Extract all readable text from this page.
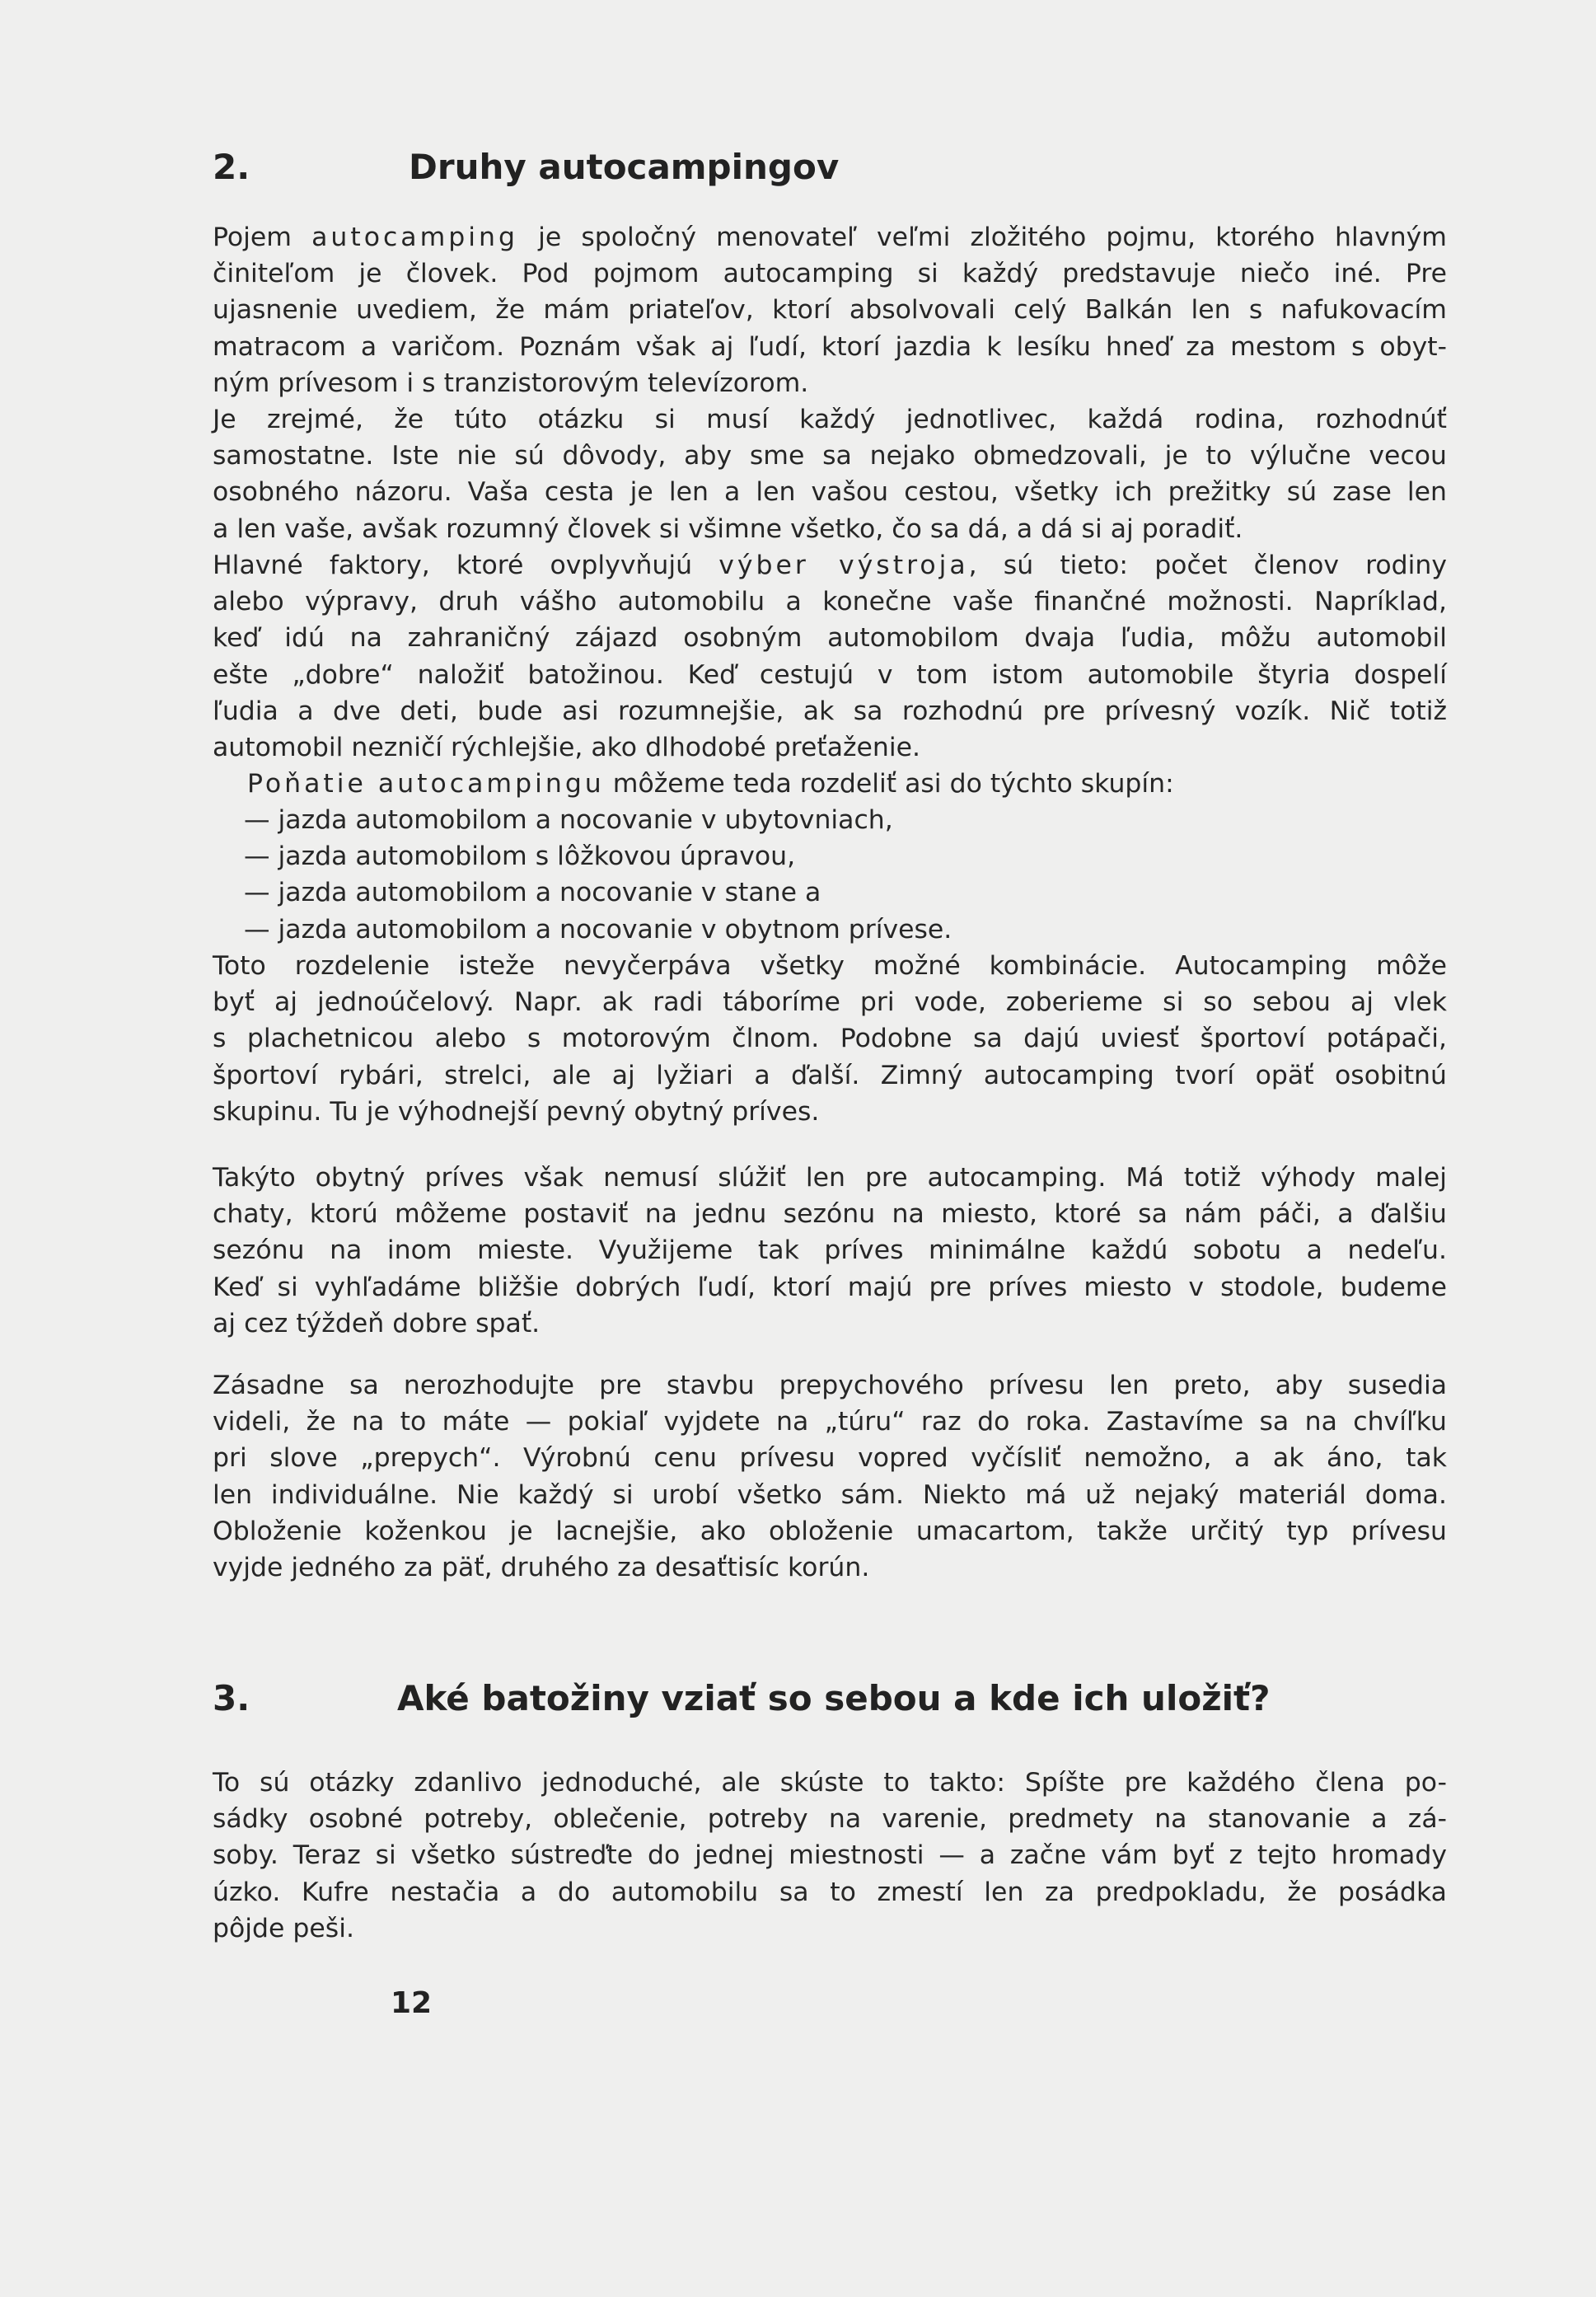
2.	Druhy autocampingov

Pojem autocamping je spoločný menovateľ veľmi zložitého pojmu, ktorého hlavným
činiteľom je človek. Pod pojmom autocamping si každý predstavuje niečo iné. Pre
ujasnenie uvediem, že mám priateľov, ktorí absolvovali celý Balkán len s nafukovacím
matracom a varičom. Poznám však aj ľudí, ktorí jazdia k lesíku hneď za mestom s obyt-
ným prívesom i s tranzistorovým televízorom.

Je zrejmé, že túto otázku si musí každý jednotlivec, každá rodina, rozhodnúť
samostatne. Iste nie sú dôvody, aby sme sa nejako obmedzovali, je to výlučne vecou
osobného názoru. Vaša cesta je len a len vašou cestou, všetky ich prežitky sú zase len
a len vaše, avšak rozumný človek si všimne všetko, čo sa dá, a dá si aj poradiť.

Hlavné faktory, ktoré ovplyvňujú výber výstroja, sú tieto: počet členov rodiny
alebo výpravy, druh vášho automobilu a konečne vaše finančné možnosti. Napríklad,
keď idú na zahraničný zájazd osobným automobilom dvaja ľudia, môžu automobil
ešte „dobre“ naložiť batožinou. Keď cestujú v tom istom automobile štyria dospelí
ľudia a dve deti, bude asi rozumnejšie, ak sa rozhodnú pre prívesný vozík. Nič totiž
automobil nezničí rýchlejšie, ako dlhodobé preťaženie.

Poňatie autocampingu môžeme teda rozdeliť asi do týchto skupín:

— jazda automobilom a nocovanie v ubytovniach,
— jazda automobilom s lôžkovou úpravou,
— jazda automobilom a nocovanie v stane a
— jazda automobilom a nocovanie v obytnom prívese.

Toto rozdelenie isteže nevyčerpáva všetky možné kombinácie. Autocamping môže
byť aj jednoúčelový. Napr. ak radi táboríme pri vode, zoberieme si so sebou aj vlek
s plachetnicou alebo s motorovým člnom. Podobne sa dajú uviesť športoví potápači,
športoví rybári, strelci, ale aj lyžiari a ďalší. Zimný autocamping tvorí opäť osobitnú
skupinu. Tu je výhodnejší pevný obytný príves.

Takýto obytný príves však nemusí slúžiť len pre autocamping. Má totiž výhody malej
chaty, ktorú môžeme postaviť na jednu sezónu na miesto, ktoré sa nám páči, a ďalšiu
sezónu na inom mieste. Využijeme tak príves minimálne každú sobotu a nedeľu.
Keď si vyhľadáme bližšie dobrých ľudí, ktorí majú pre príves miesto v stodole, budeme
aj cez týždeň dobre spať.

Zásadne sa nerozhodujte pre stavbu prepychového prívesu len preto, aby susedia
videli, že na to máte — pokiaľ vyjdete na „túru“ raz do roka. Zastavíme sa na chvíľku
pri slove „prepych“. Výrobnú cenu prívesu vopred vyčísliť nemožno, a ak áno, tak
len individuálne. Nie každý si urobí všetko sám. Niekto má už nejaký materiál doma.
Obloženie koženkou je lacnejšie, ako obloženie umacartom, takže určitý typ prívesu
vyjde jedného za päť, druhého za desaťtisíc korún.

3.	Aké batožiny vziať so sebou a kde ich uložiť?

To sú otázky zdanlivo jednoduché, ale skúste to takto: Spíšte pre každého člena po-
sádky osobné potreby, oblečenie, potreby na varenie, predmety na stanovanie a zá-
soby. Teraz si všetko sústreďte do jednej miestnosti — a začne vám byť z tejto hromady
úzko. Kufre nestačia a do automobilu sa to zmestí len za predpokladu, že posádka
pôjde peši.

12
